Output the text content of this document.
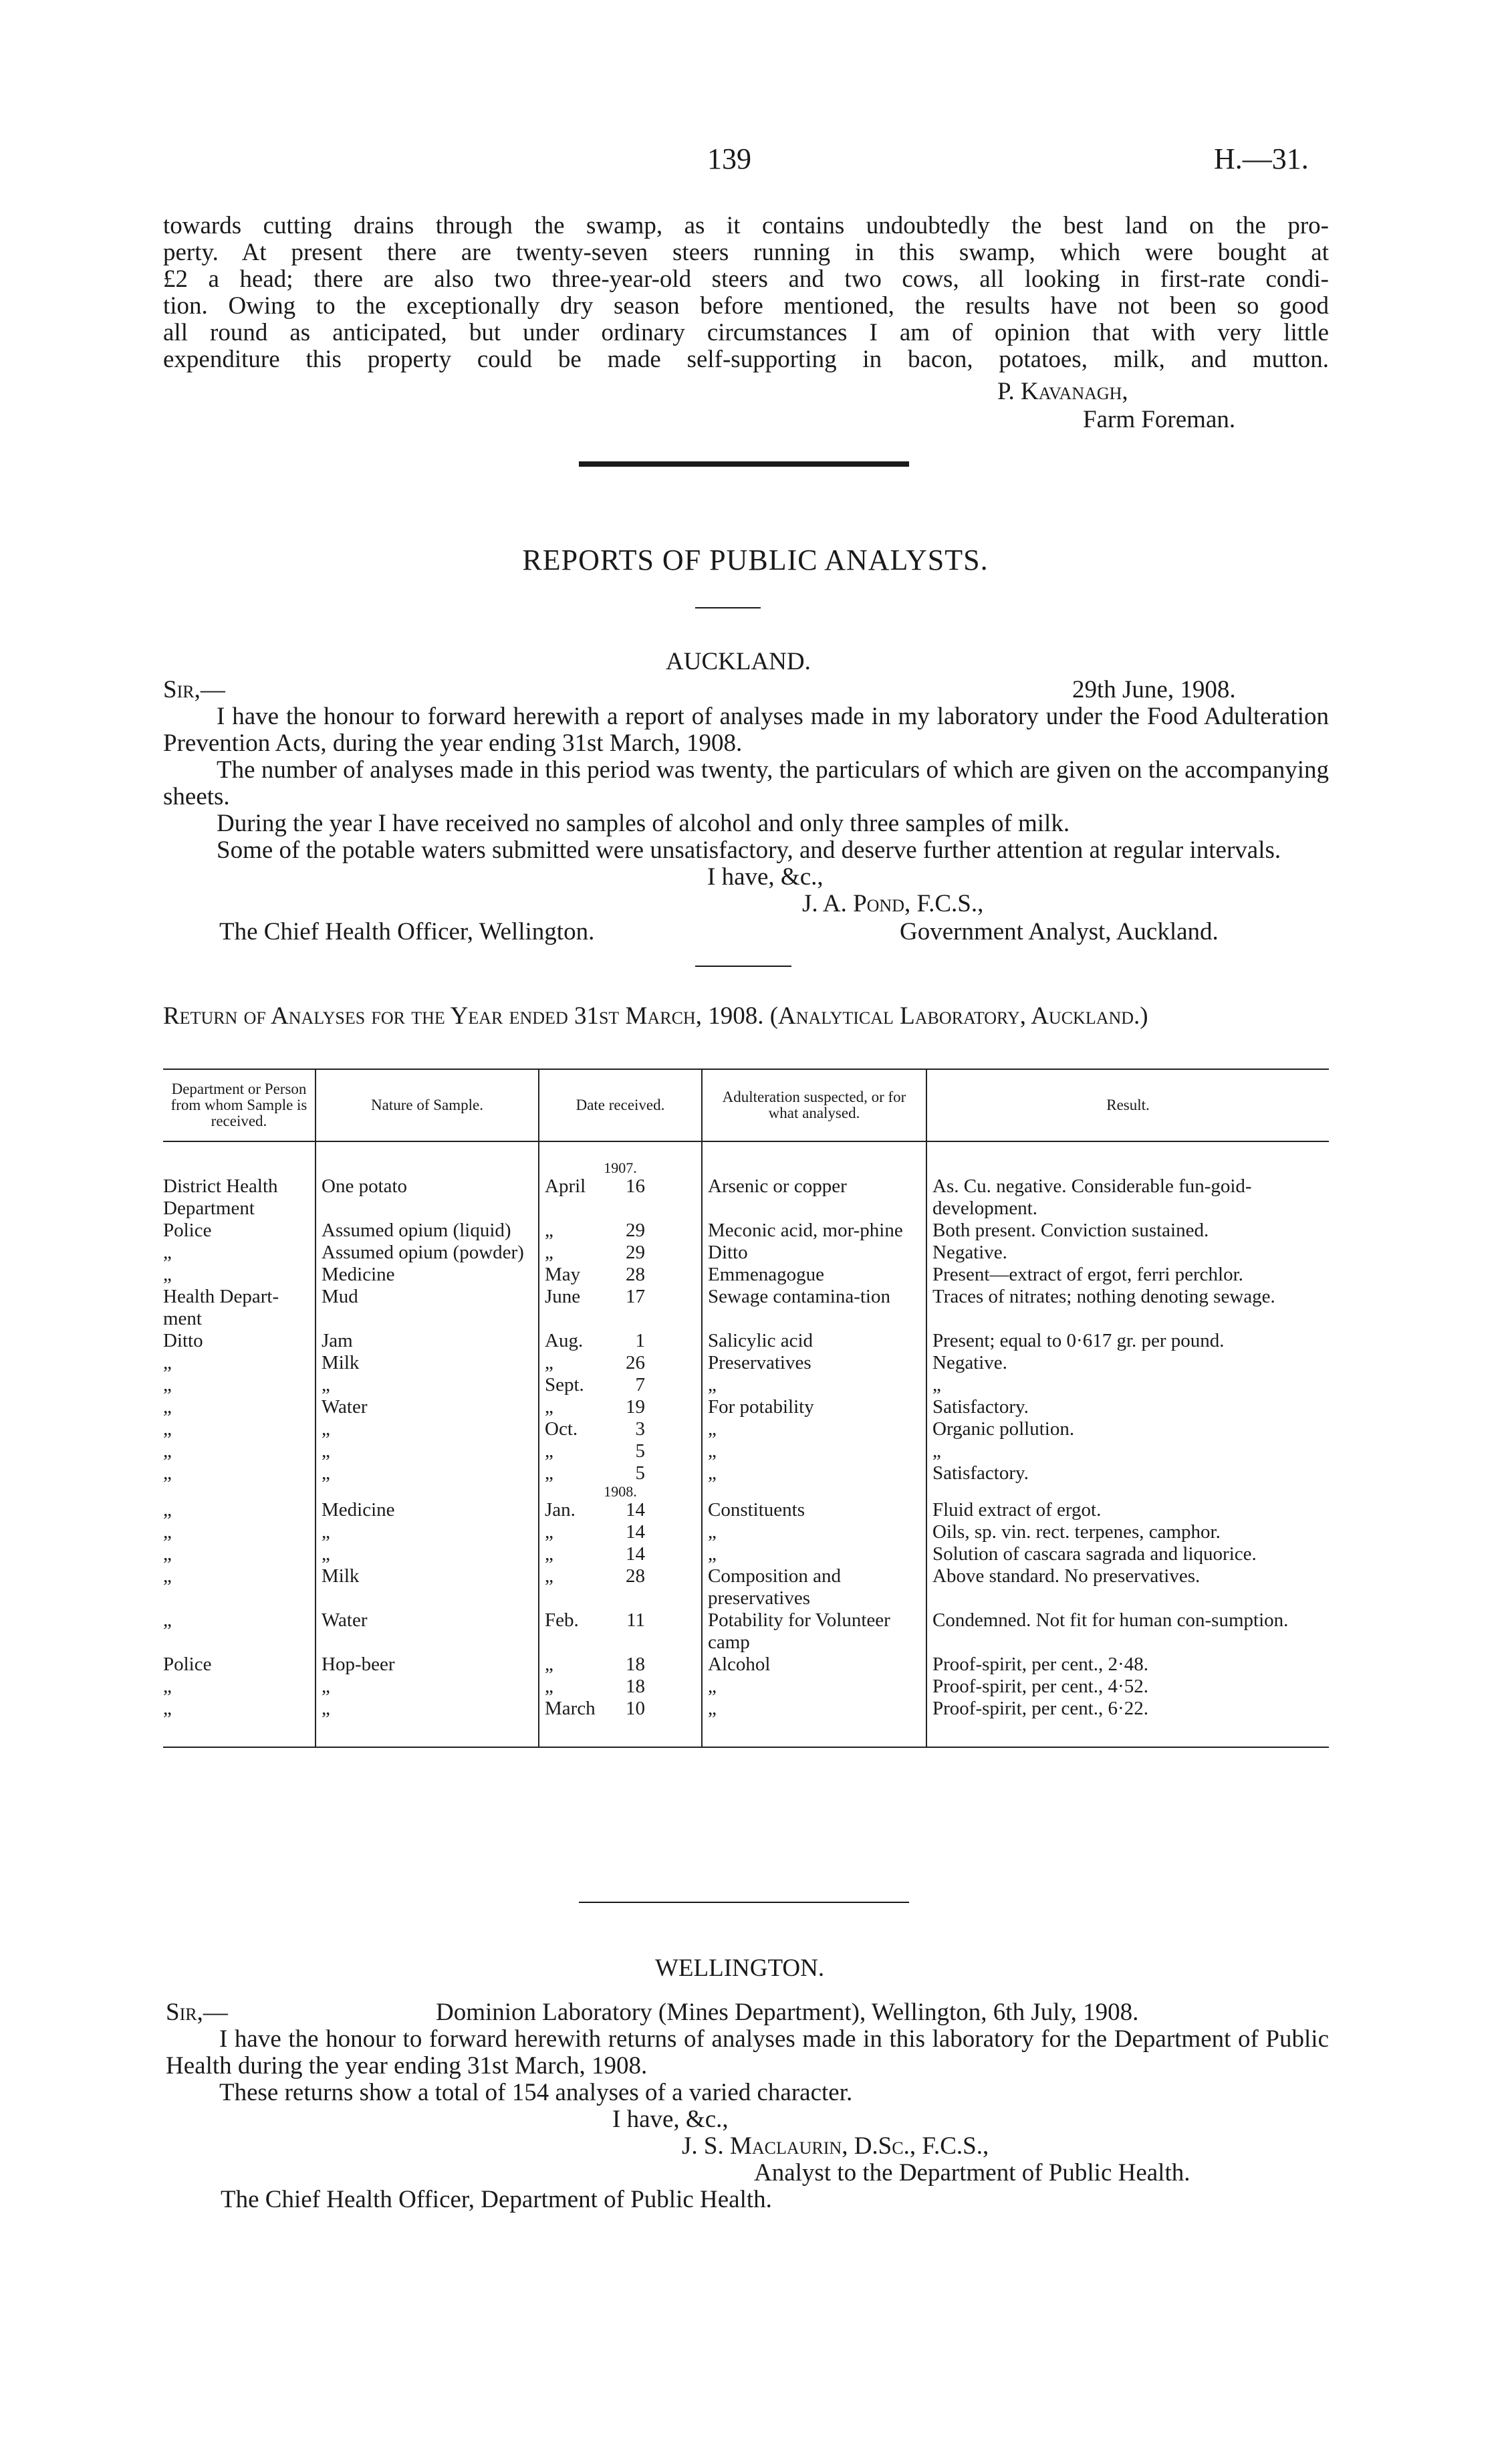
139	H.—31.
towards cutting drains through the swamp, as it contains undoubtedly the best land on the pro-
perty. At present there are twenty-seven steers running in this swamp, which were bought at
£2 a head; there are also two three-year-old steers and two cows, all looking in first-rate condi-
tion. Owing to the exceptionally dry season before mentioned, the results have not been so good
all round as anticipated, but under ordinary circumstances I am of opinion that with very little
expenditure this property could be made self-supporting in bacon, potatoes, milk, and mutton.
P. Kavanagh,
Farm Foreman.
REPORTS OF PUBLIC ANALYSTS.
AUCKLAND.
Sir,—	29th June, 1908.
I have the honour to forward herewith a report of analyses made in my laboratory under the Food Adulteration Prevention Acts, during the year ending 31st March, 1908.
The number of analyses made in this period was twenty, the particulars of which are given on the accompanying sheets.
During the year I have received no samples of alcohol and only three samples of milk.
Some of the potable waters submitted were unsatisfactory, and deserve further attention at regular intervals.
I have, &c.,
J. A. Pond, F.C.S.,
The Chief Health Officer, Wellington.	Government Analyst, Auckland.
Return of Analyses for the Year ended 31st March, 1908. (Analytical Laboratory, Auckland.)
Department or Person from whom Sample is received.	Nature of Sample.	Date received.	Adulteration suspected, or for what analysed.	Result.

		1907.		

District Health Department	One potato	April 16	Arsenic or copper	As. Cu. negative. Considerable fun-goid-development.
Police	Assumed opium (liquid)	„ 29	Meconic acid, mor-phine	Both present. Conviction sustained.
„	Assumed opium (powder)	„ 29	Ditto	Negative.
„	Medicine	May 28	Emmenagogue	Present—extract of ergot, ferri perchlor.
Health Depart-ment	Mud	June 17	Sewage contamina-tion	Traces of nitrates; nothing denoting sewage.
Ditto	Jam	Aug. 1	Salicylic acid	Present; equal to 0·617 gr. per pound.
„	Milk	„ 26	Preservatives	Negative.
„	„	Sept. 7	„	„
„	Water	„ 19	For potability	Satisfactory.
„	„	Oct. 3	„	Organic pollution.
„	„	„ 5	„	„
„	„	„ 5	„	Satisfactory.

		1908.		

„	Medicine	Jan. 14	Constituents	Fluid extract of ergot.
„	„	„ 14	„	Oils, sp. vin. rect. terpenes, camphor.
„	„	„ 14	„	Solution of cascara sagrada and liquorice.
„	Milk	„ 28	Composition and preservatives	Above standard. No preservatives.
„	Water	Feb. 11	Potability for Volunteer camp	Condemned. Not fit for human con-sumption.
Police	Hop-beer	„ 18	Alcohol	Proof-spirit, per cent., 2·48.
„	„	„ 18	„	Proof-spirit, per cent., 4·52.
„	„	March 10	„	Proof-spirit, per cent., 6·22.

WELLINGTON.
Sir,—	Dominion Laboratory (Mines Department), Wellington, 6th July, 1908.
I have the honour to forward herewith returns of analyses made in this laboratory for the Department of Public Health during the year ending 31st March, 1908.
These returns show a total of 154 analyses of a varied character.
I have, &c.,
J. S. Maclaurin, D.Sc., F.C.S.,
Analyst to the Department of Public Health.
The Chief Health Officer, Department of Public Health.
